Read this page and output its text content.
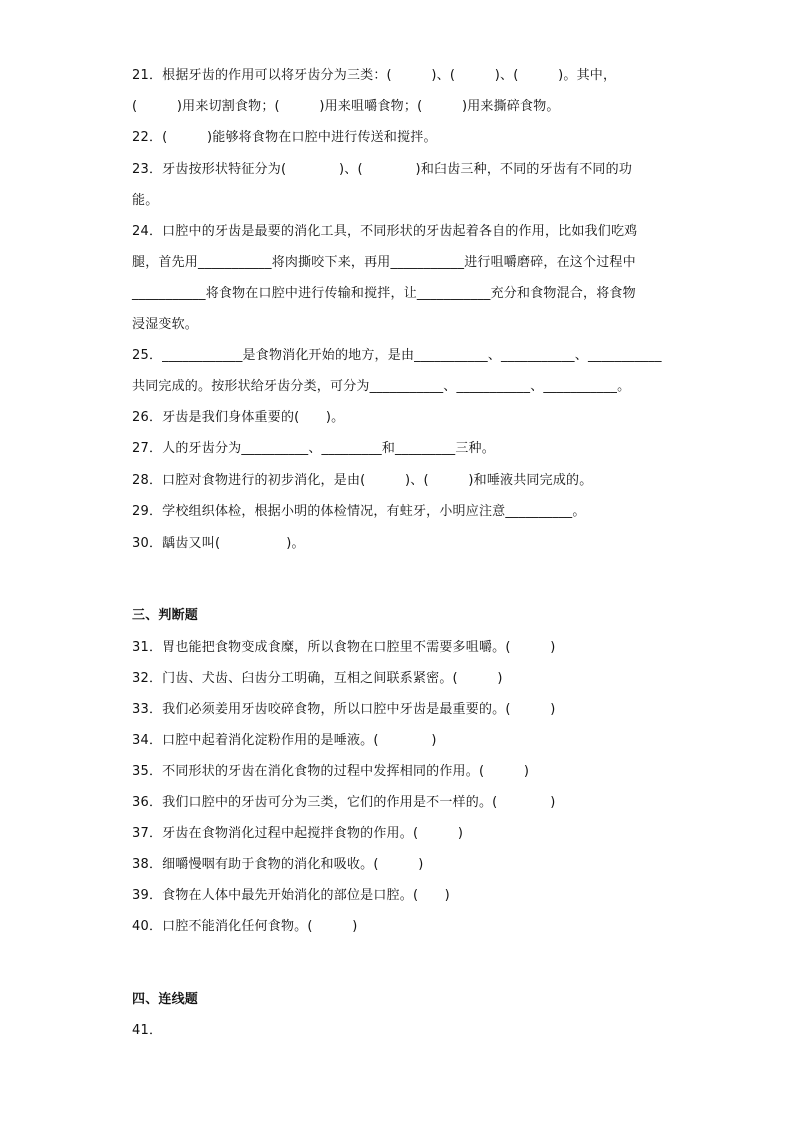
21．根据牙齿的作用可以将牙齿分为三类：(　　　)、(　　　)、(　　　)。其中，
(　　　)用来切割食物；(　　　)用来咀嚼食物；(　　　)用来撕碎食物。
22．(　　　)能够将食物在口腔中进行传送和搅拌。
23．牙齿按形状特征分为(　　　　)、(　　　　)和臼齿三种，不同的牙齿有不同的功
能。
24．口腔中的牙齿是最要的消化工具，不同形状的牙齿起着各自的作用，比如我们吃鸡
腿，首先用___________将肉撕咬下来，再用___________进行咀嚼磨碎，在这个过程中
___________将食物在口腔中进行传输和搅拌，让___________充分和食物混合，将食物
浸湿变软。
25．____________是食物消化开始的地方，是由___________、___________、___________
共同完成的。按形状给牙齿分类，可分为___________、___________、___________。
26．牙齿是我们身体重要的(　　)。
27．人的牙齿分为__________、_________和_________三种。
28．口腔对食物进行的初步消化，是由(　　　)、(　　　)和唾液共同完成的。
29．学校组织体检，根据小明的体检情况，有蛀牙，小明应注意__________。
30．龋齿又叫(　　　　　)。
三、判断题
31．胃也能把食物变成食糜，所以食物在口腔里不需要多咀嚼。(　　　)
32．门齿、犬齿、臼齿分工明确，互相之间联系紧密。(　　　)
33．我们必须姜用牙齿咬碎食物，所以口腔中牙齿是最重要的。(　　　)
34．口腔中起着消化淀粉作用的是唾液。(　　　　)
35．不同形状的牙齿在消化食物的过程中发挥相同的作用。(　　　)
36．我们口腔中的牙齿可分为三类，它们的作用是不一样的。(　　　　)
37．牙齿在食物消化过程中起搅拌食物的作用。(　　　)
38．细嚼慢咽有助于食物的消化和吸收。(　　　)
39．食物在人体中最先开始消化的部位是口腔。(　　)
40．口腔不能消化任何食物。(　　　)
四、连线题
41．
